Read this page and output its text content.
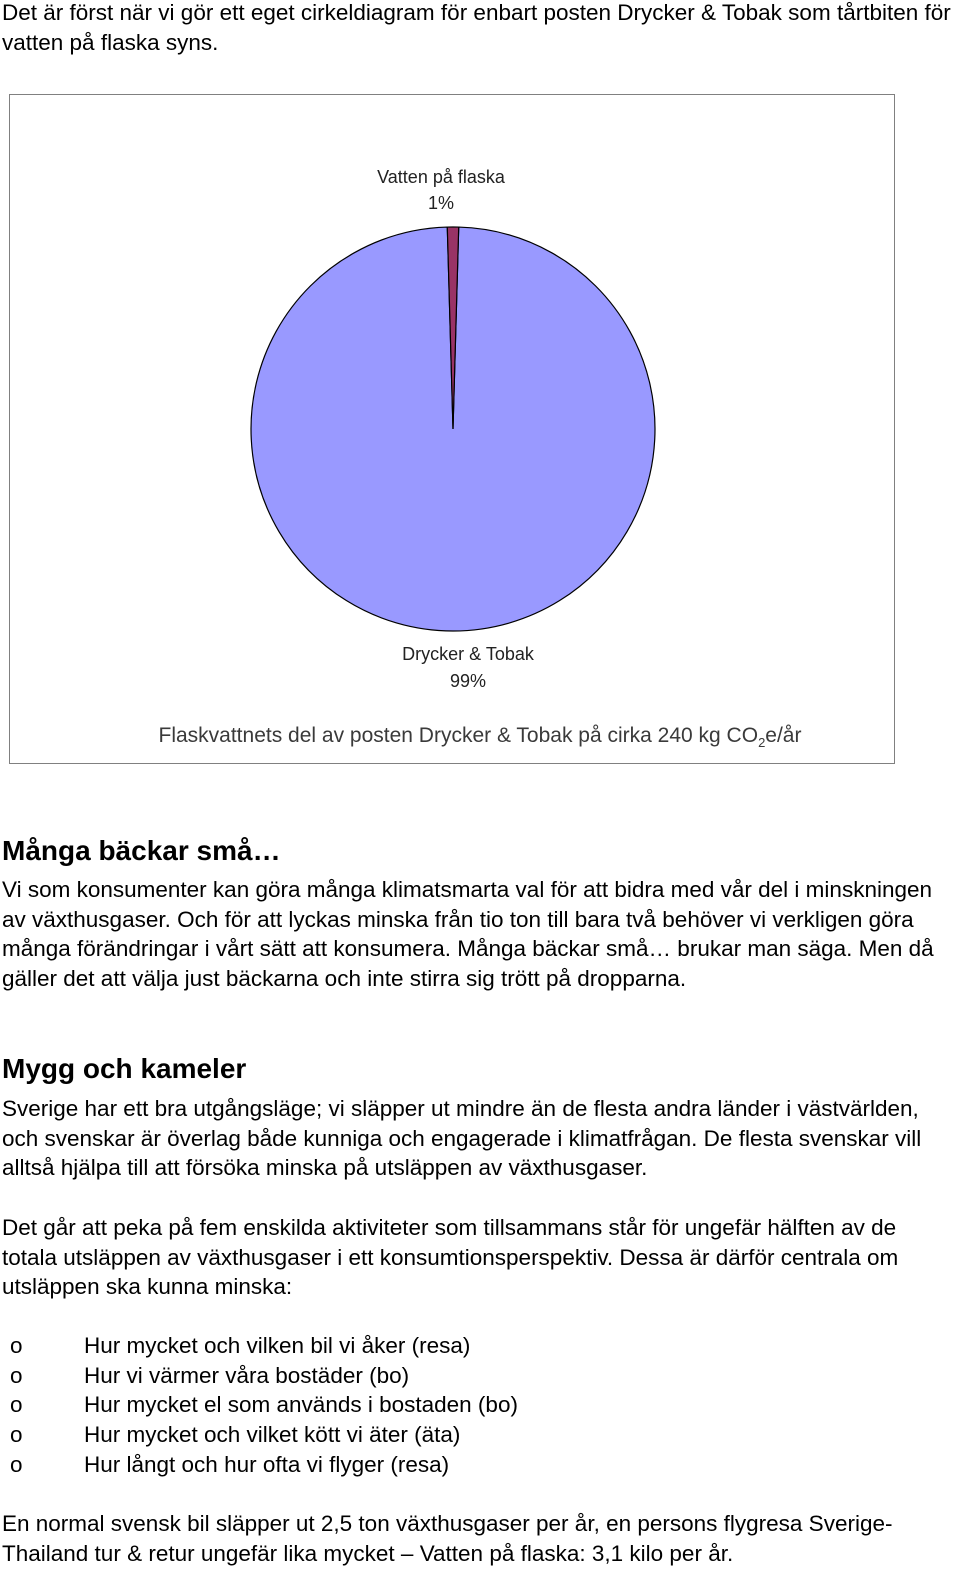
Det är först när vi gör ett eget cirkeldiagram för enbart posten Drycker & Tobak som tårtbiten för vatten på flaska syns.

Vatten på flaska
1%
Drycker & Tobak
99%

Flaskvattnets del av posten Drycker & Tobak på cirka 240 kg $CO_2e/år$

Många bäckar små…

Vi som konsumenter kan göra många klimatsmarta val för att bidra med vår del i minskningen av växthusgaser. Och för att lyckas minska från tio ton till bara två behöver vi verkligen göra många förändringar i vårt sätt att konsumera. Många bäckar små… brukar man säga. Men då gäller det att välja just bäckarna och inte stirra sig trött på dropparna.

Mygg och kameler

Sverige har ett bra utgångsläge; vi släpper ut mindre än de flesta andra länder i västvärlden, och svenskar är överlag både kunniga och engagerade i klimatfrågan. De flesta svenskar vill alltså hjälpa till att försöka minska på utsläppen av växthusgaser.

Det går att peka på fem enskilda aktiviteter som tillsammans står för ungefär hälften av de totala utsläppen av växthusgaser i ett konsumtionsperspektiv. Dessa är därför centrala om utsläppen ska kunna minska:

o	Hur mycket och vilken bil vi åker (resa)
o	Hur vi värmer våra bostäder (bo)
o	Hur mycket el som används i bostaden (bo)
o	Hur mycket och vilket kött vi äter (äta)
o	Hur långt och hur ofta vi flyger (resa)

En normal svensk bil släpper ut 2,5 ton växthusgaser per år, en persons flygresa Sverige-Thailand tur & retur ungefär lika mycket – Vatten på flaska: 3,1 kilo per år.
